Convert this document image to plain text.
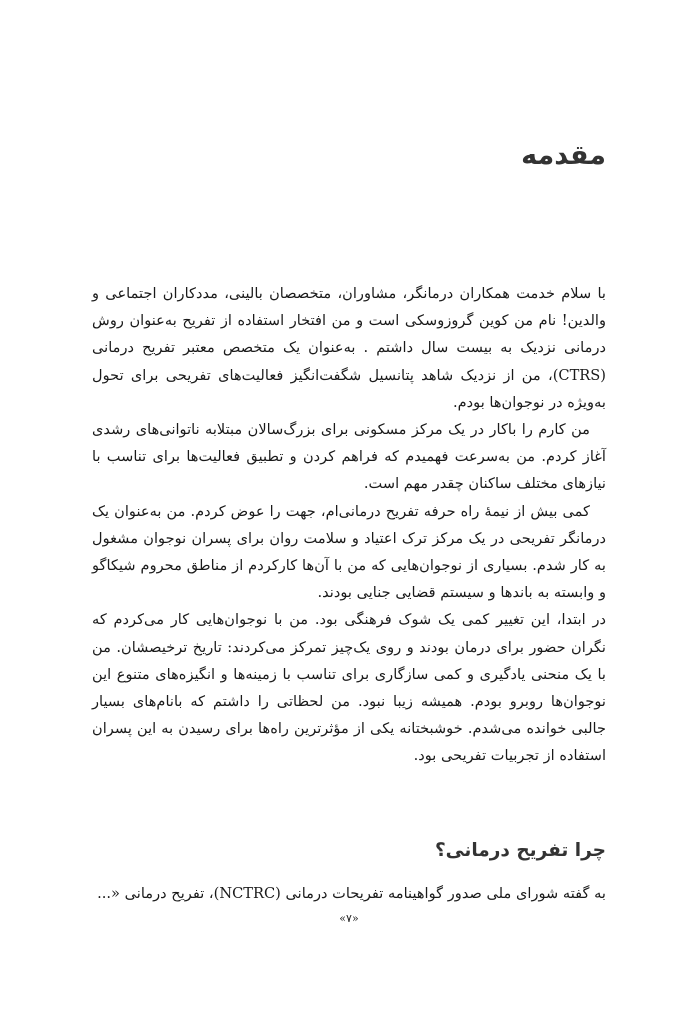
مقدمه

با سلام خدمت همکاران درمانگر، مشاوران، متخصصان بالینی، مددکاران اجتماعی و والدین! نام من کوین گروزوسکی است و من افتخار استفاده از تفریح به‌عنوان روش درمانی نزدیک به بیست سال داشتم . به‌عنوان یک متخصص معتبر تفریح درمانی (CTRS)، من از نزدیک شاهد پتانسیل شگفت‌انگیز فعالیت‌های تفریحی برای تحول به‌ویژه در نوجوان‌ها بودم.

من کارم را باکار در یک مرکز مسکونی برای بزرگ‌سالان مبتلابه ناتوانی‌های رشدی آغاز کردم. من به‌سرعت فهمیدم که فراهم کردن و تطبیق فعالیت‌ها برای تناسب با نیازهای مختلف ساکنان چقدر مهم است.

کمی بیش از نیمهٔ راه حرفه تفریح درمانی‌ام، جهت را عوض کردم. من به‌عنوان یک درمانگر تفریحی در یک مرکز ترک اعتیاد و سلامت روان برای پسران نوجوان مشغول به کار شدم. بسیاری از نوجوان‌هایی که من با آن‌ها کارکردم از مناطق محروم شیکاگو و وابسته به باندها و سیستم قضایی جنایی بودند.

در ابتدا، این تغییر کمی یک شوک فرهنگی بود. من با نوجوان‌هایی کار می‌کردم که نگران حضور برای درمان بودند و روی یک‌چیز تمرکز می‌کردند: تاریخ ترخیصشان. من با یک منحنی یادگیری و کمی سازگاری برای تناسب با زمینه‌ها و انگیزه‌های متنوع این نوجوان‌ها روبرو بودم. همیشه زیبا نبود. من لحظاتی را داشتم که بانام‌های بسیار جالبی خوانده می‌شدم. خوشبختانه یکی از مؤثرترین راه‌ها برای رسیدن به این پسران استفاده از تجربیات تفریحی بود.

چرا تفریح درمانی؟

به گفته شورای ملی صدور گواهینامه تفریحات درمانی (NCTRC)، تفریح درمانی «...

«۷»
